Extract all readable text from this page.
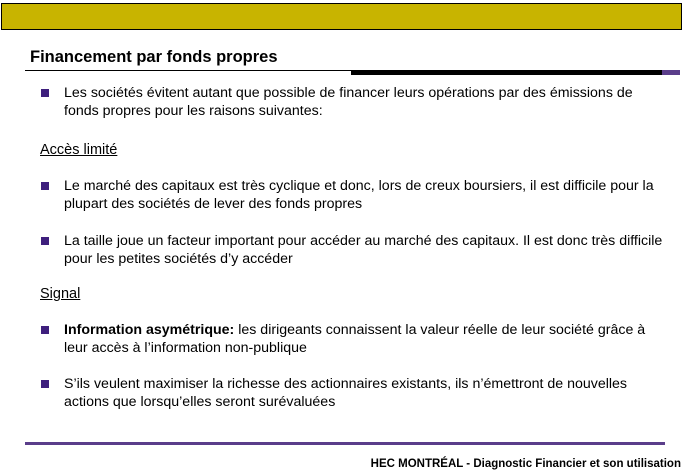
Financement par fonds propres
Les sociétés évitent autant que possible de financer leurs opérations par des émissions de fonds propres pour les raisons suivantes:
Accès limité
Le marché des capitaux est très cyclique et donc, lors de creux boursiers, il est difficile pour la plupart des sociétés de lever des fonds propres
La taille joue un facteur important pour accéder au marché des capitaux. Il est donc très difficile pour les petites sociétés d’y accéder
Signal
Information asymétrique: les dirigeants connaissent la valeur réelle de leur société grâce à leur accès à l’information non-publique
S’ils veulent maximiser la richesse des actionnaires existants, ils n’émettront de nouvelles actions que lorsqu’elles seront surévaluées
HEC MONTRÉAL - Diagnostic Financier et son utilisation
